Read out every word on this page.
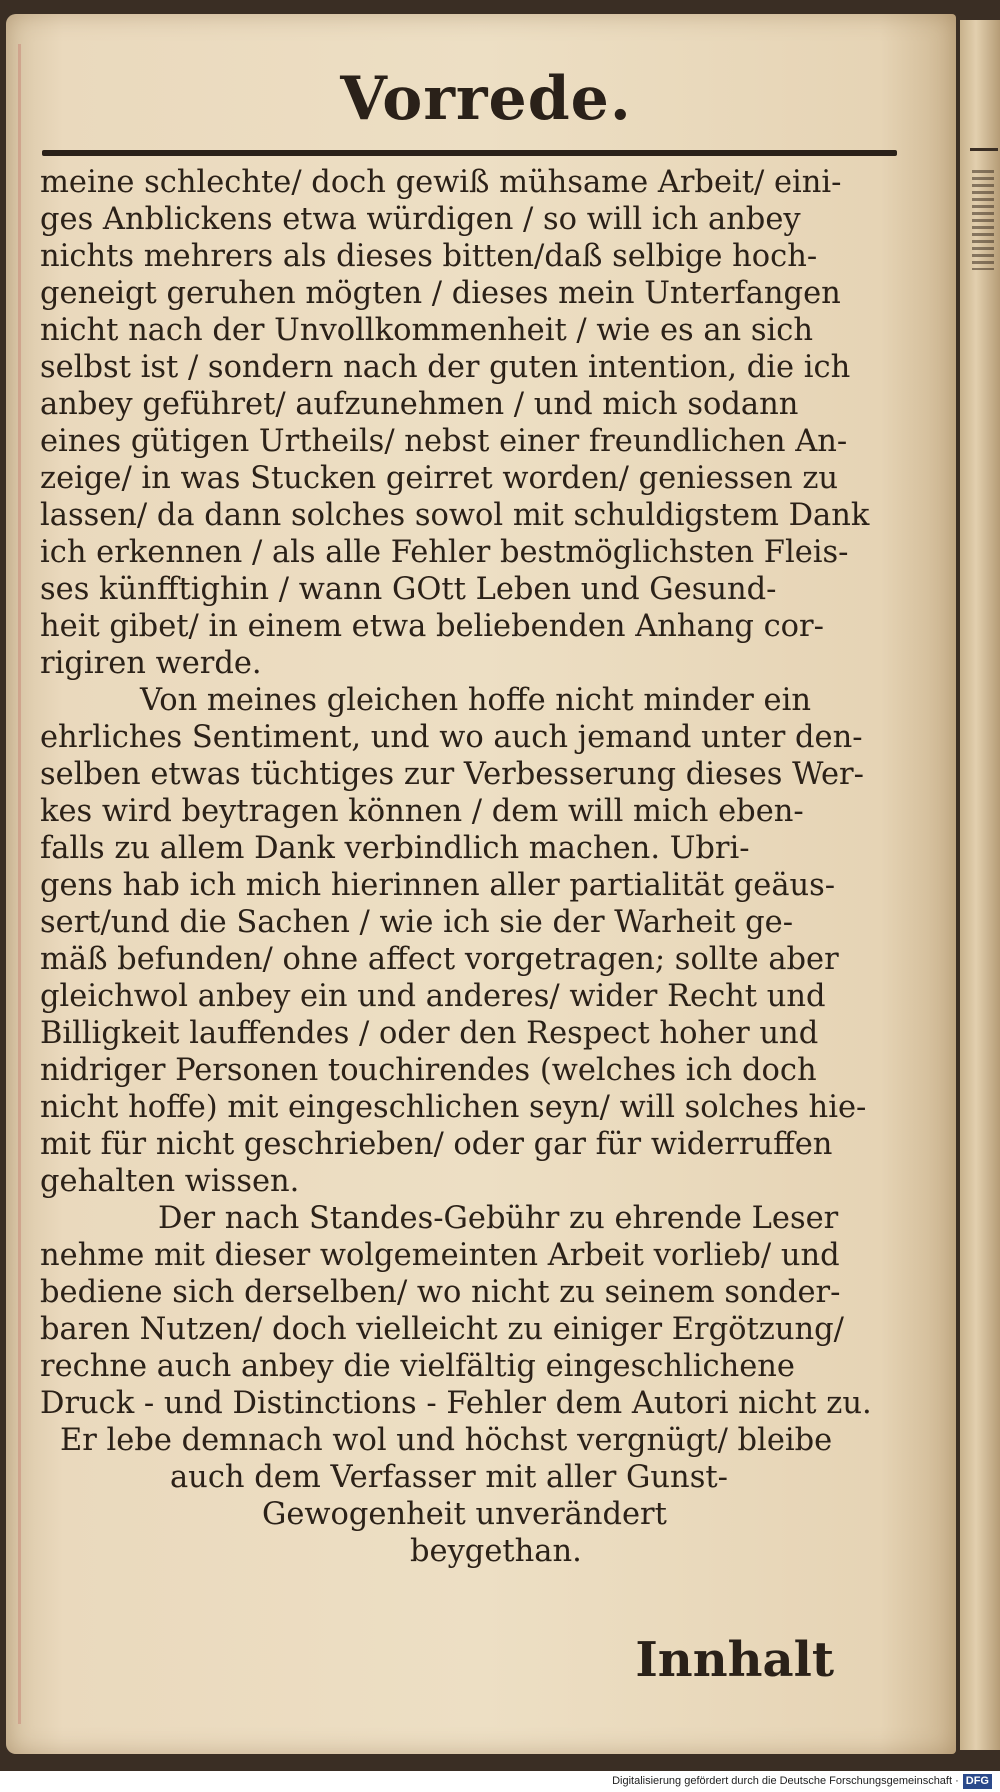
Vorrede.
meine schlechte/ doch gewiß mühsame Arbeit/ eini-
ges Anblickens etwa würdigen / so will ich anbey
nichts mehrers als dieses bitten/daß selbige hoch-
geneigt geruhen mögten / dieses mein Unterfangen
nicht nach der Unvollkommenheit / wie es an sich
selbst ist / sondern nach der guten intention, die ich
anbey geführet/ aufzunehmen / und mich sodann
eines gütigen Urtheils/ nebst einer freundlichen An-
zeige/ in was Stucken geirret worden/ geniessen zu
lassen/ da dann solches sowol mit schuldigstem Dank
ich erkennen / als alle Fehler bestmöglichsten Fleis-
ses künfftighin / wann GOtt Leben und Gesund-
heit gibet/ in einem etwa beliebenden Anhang cor-
rigiren werde.
Von meines gleichen hoffe nicht minder ein
ehrliches Sentiment, und wo auch jemand unter den-
selben etwas tüchtiges zur Verbesserung dieses Wer-
kes wird beytragen können / dem will mich eben-
falls zu allem Dank verbindlich machen. Ubri-
gens hab ich mich hierinnen aller partialität geäus-
sert/und die Sachen / wie ich sie der Warheit ge-
mäß befunden/ ohne affect vorgetragen; sollte aber
gleichwol anbey ein und anderes/ wider Recht und
Billigkeit lauffendes / oder den Respect hoher und
nidriger Personen touchirendes (welches ich doch
nicht hoffe) mit eingeschlichen seyn/ will solches hie-
mit für nicht geschrieben/ oder gar für widerruffen
gehalten wissen.
Der nach Standes-Gebühr zu ehrende Leser
nehme mit dieser wolgemeinten Arbeit vorlieb/ und
bediene sich derselben/ wo nicht zu seinem sonder-
baren Nutzen/ doch vielleicht zu einiger Ergötzung/
rechne auch anbey die vielfältig eingeschlichene
Druck - und Distinctions - Fehler dem Autori nicht zu.
Er lebe demnach wol und höchst vergnügt/ bleibe
auch dem Verfasser mit aller Gunst-
Gewogenheit unverändert
beygethan.
Innhalt
Digitalisierung gefördert durch die Deutsche Forschungsgemeinschaft · DFG
